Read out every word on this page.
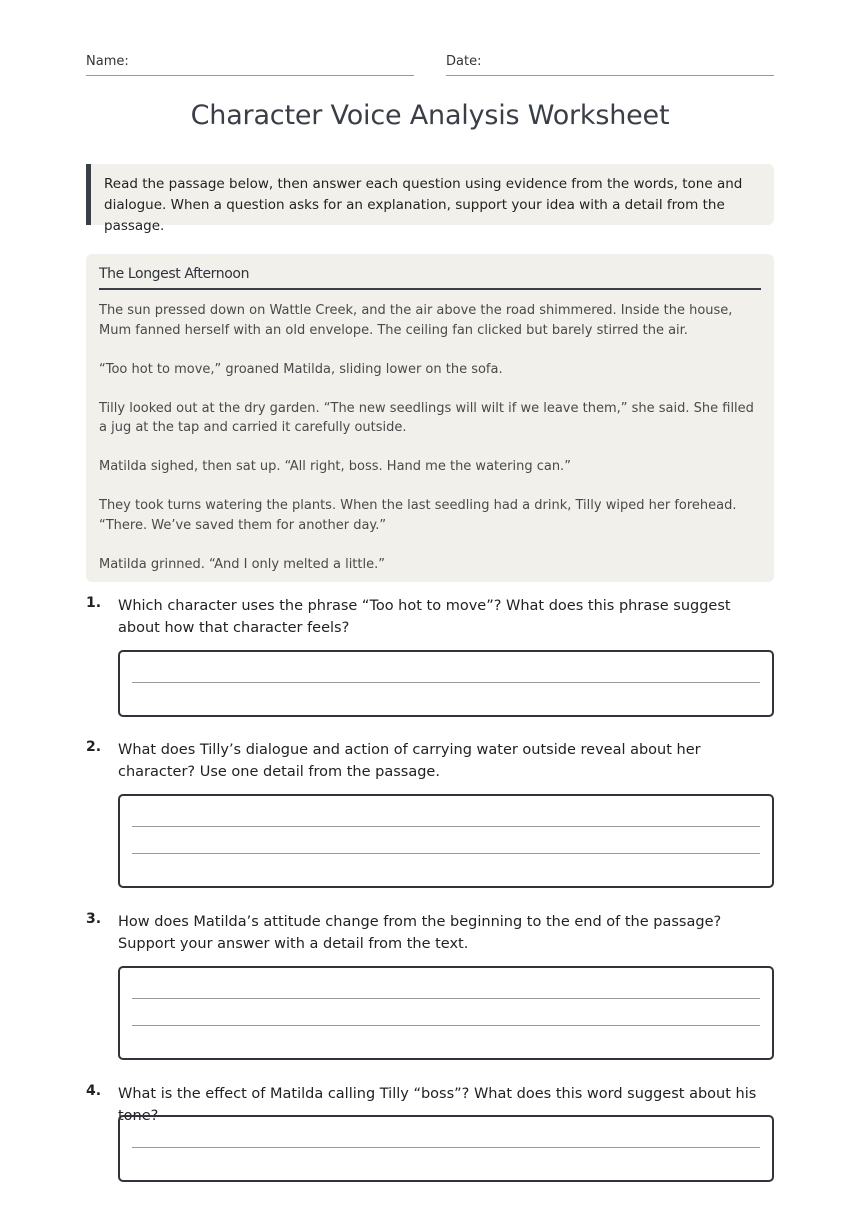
Name:	Date:
Character Voice Analysis Worksheet
Read the passage below, then answer each question using evidence from the words, tone and dialogue. When a question asks for an explanation, support your idea with a detail from the passage.
The Longest Afternoon

The sun pressed down on Wattle Creek, and the air above the road shimmered. Inside the house, Mum fanned herself with an old envelope. The ceiling fan clicked but barely stirred the air.

“Too hot to move,” groaned Matilda, sliding lower on the sofa.

Tilly looked out at the dry garden. “The new seedlings will wilt if we leave them,” she said. She filled a jug at the tap and carried it carefully outside.

Matilda sighed, then sat up. “All right, boss. Hand me the watering can.”

They took turns watering the plants. When the last seedling had a drink, Tilly wiped her forehead. “There. We’ve saved them for another day.”

Matilda grinned. “And I only melted a little.”

1. Which character uses the phrase “Too hot to move”? What does this phrase suggest about how that character feels?
2. What does Tilly’s dialogue and action of carrying water outside reveal about her character? Use one detail from the passage.
3. How does Matilda’s attitude change from the beginning to the end of the passage? Support your answer with a detail from the text.
4. What is the effect of Matilda calling Tilly “boss”? What does this word suggest about his tone?
